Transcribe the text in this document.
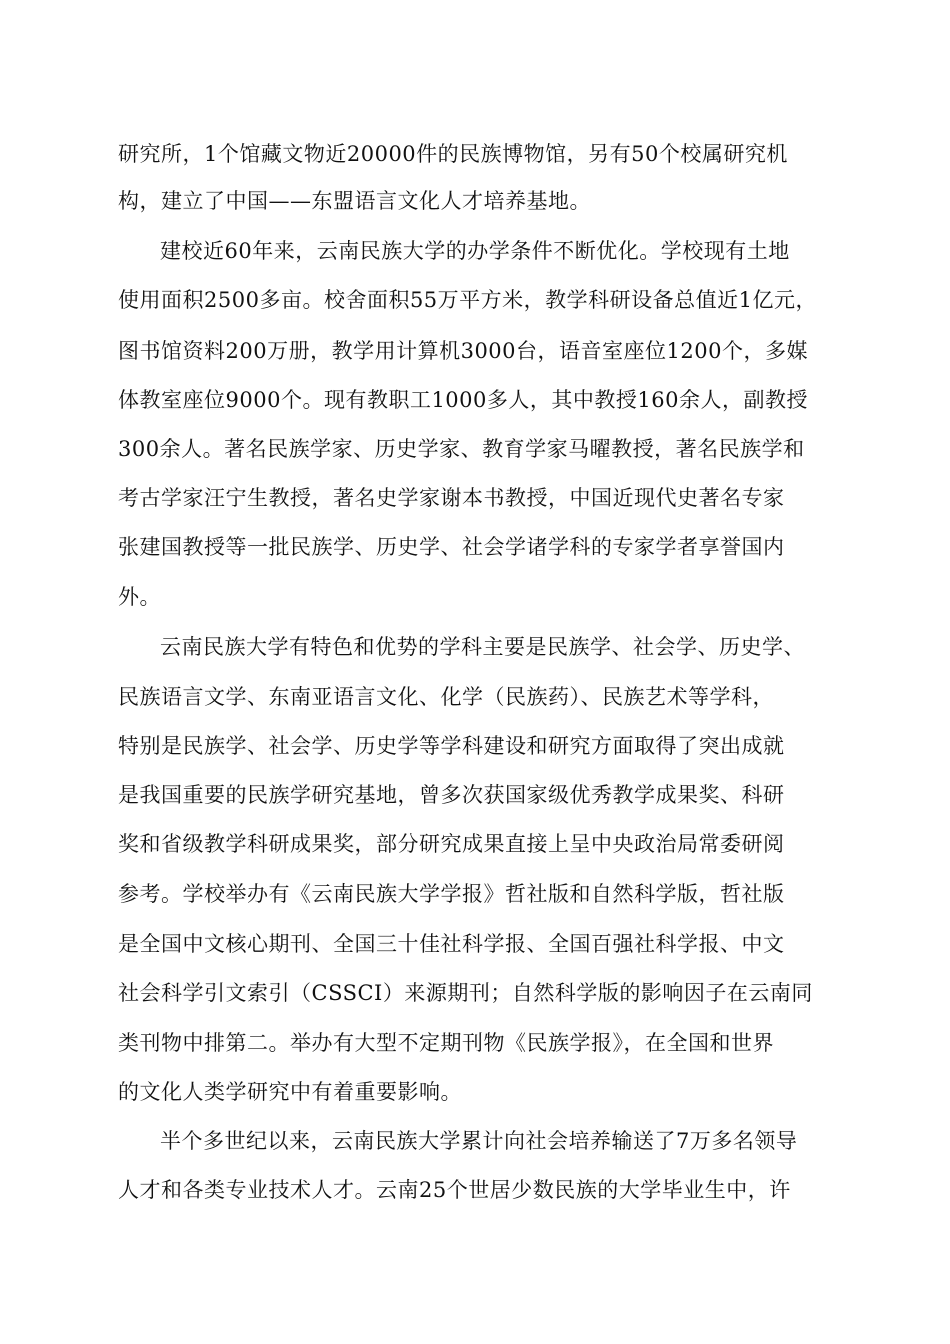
研究所，1个馆藏文物近20000件的民族博物馆，另有50个校属研究机
构，建立了中国——东盟语言文化人才培养基地。
建校近60年来，云南民族大学的办学条件不断优化。学校现有土地
使用面积2500多亩。校舍面积55万平方米，教学科研设备总值近1亿元，
图书馆资料200万册，教学用计算机3000台，语音室座位1200个，多媒
体教室座位9000个。现有教职工1000多人，其中教授160余人，副教授
300余人。著名民族学家、历史学家、教育学家马曜教授，著名民族学和
考古学家汪宁生教授，著名史学家谢本书教授，中国近现代史著名专家
张建国教授等一批民族学、历史学、社会学诸学科的专家学者享誉国内
外。
云南民族大学有特色和优势的学科主要是民族学、社会学、历史学、
民族语言文学、东南亚语言文化、化学（民族药）、民族艺术等学科，
特别是民族学、社会学、历史学等学科建设和研究方面取得了突出成就
是我国重要的民族学研究基地，曾多次获国家级优秀教学成果奖、科研
奖和省级教学科研成果奖，部分研究成果直接上呈中央政治局常委研阅
参考。学校举办有《云南民族大学学报》哲社版和自然科学版，哲社版
是全国中文核心期刊、全国三十佳社科学报、全国百强社科学报、中文
社会科学引文索引（CSSCI）来源期刊；自然科学版的影响因子在云南同
类刊物中排第二。举办有大型不定期刊物《民族学报》，在全国和世界
的文化人类学研究中有着重要影响。
半个多世纪以来，云南民族大学累计向社会培养输送了7万多名领导
人才和各类专业技术人才。云南25个世居少数民族的大学毕业生中，许
